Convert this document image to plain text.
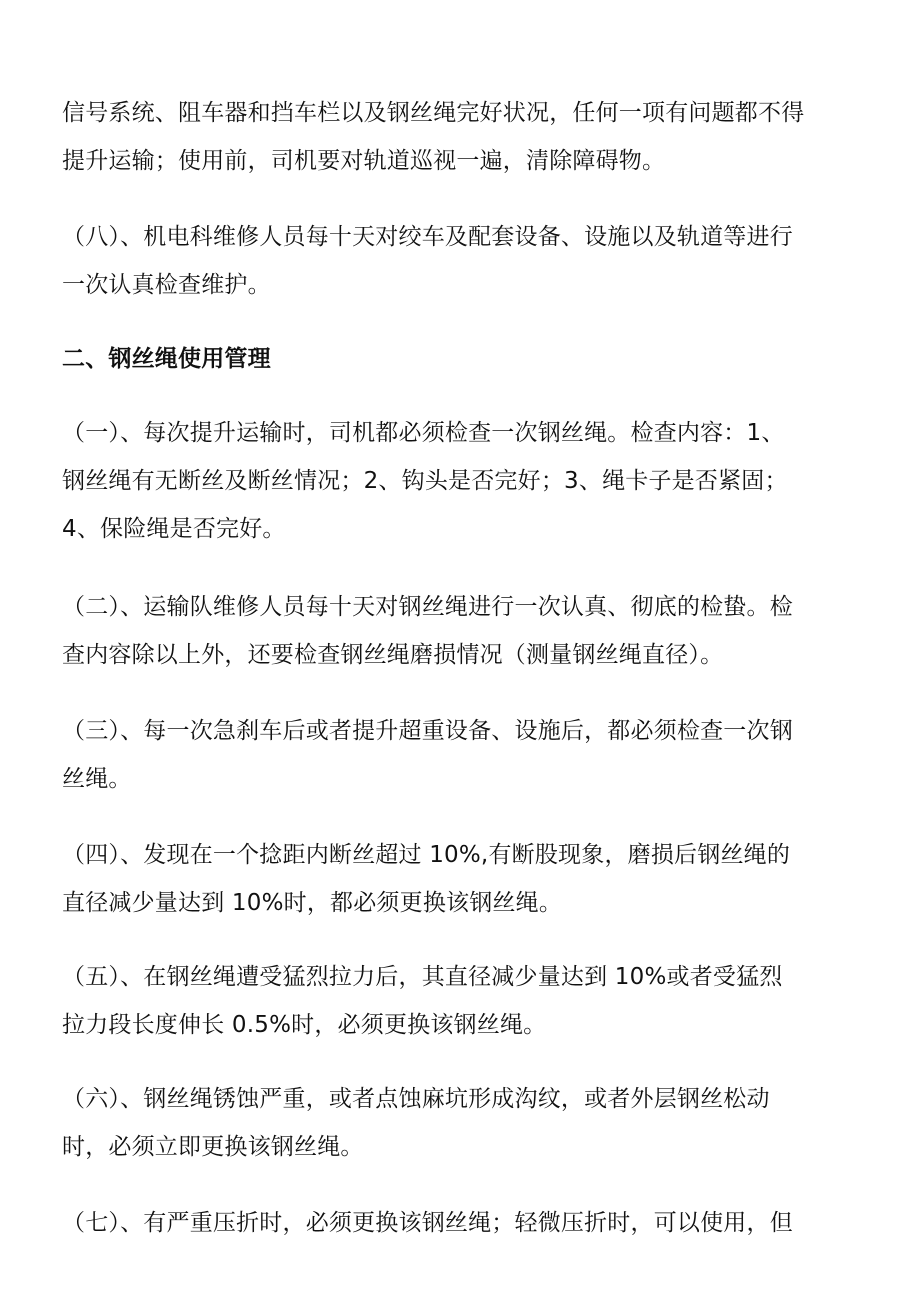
信号系统、阻车器和挡车栏以及钢丝绳完好状况，任何一项有问题都不得
提升运输；使用前，司机要对轨道巡视一遍，清除障碍物。
（八）、机电科维修人员每十天对绞车及配套设备、设施以及轨道等进行
一次认真检查维护。
二、钢丝绳使用管理
（一）、每次提升运输时，司机都必须检查一次钢丝绳。检查内容：1、
钢丝绳有无断丝及断丝情况；2、钩头是否完好；3、绳卡子是否紧固；
4、保险绳是否完好。
（二）、运输队维修人员每十天对钢丝绳进行一次认真、彻底的检蛰。检
查内容除以上外，还要检查钢丝绳磨损情况（测量钢丝绳直径）。
（三）、每一次急刹车后或者提升超重设备、设施后，都必须检查一次钢
丝绳。
（四）、发现在一个捻距内断丝超过 10%,有断股现象，磨损后钢丝绳的
直径减少量达到 10%时，都必须更换该钢丝绳。
（五）、在钢丝绳遭受猛烈拉力后，其直径减少量达到 10%或者受猛烈
拉力段长度伸长 0.5%时，必须更换该钢丝绳。
（六）、钢丝绳锈蚀严重，或者点蚀麻坑形成沟纹，或者外层钢丝松动
时，必须立即更换该钢丝绳。
（七）、有严重压折时，必须更换该钢丝绳；轻微压折时，可以使用，但
